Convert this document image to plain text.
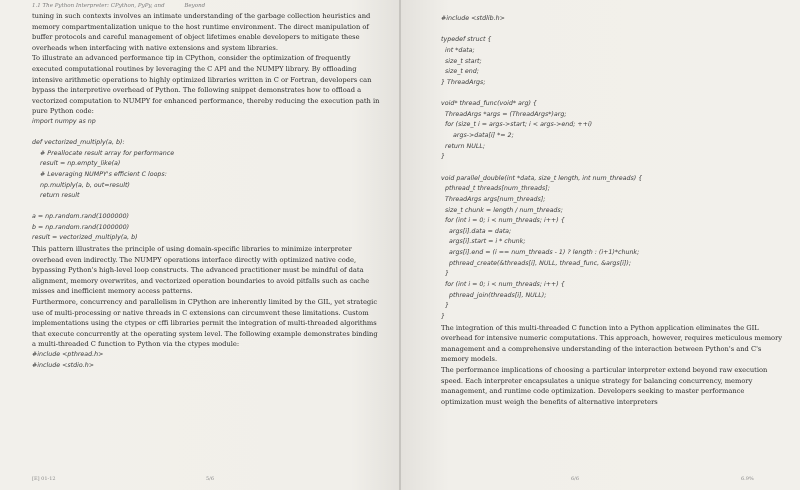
1.1 The Python Interpreter: CPython, PyPy, and	Beyond

tuning in such contexts involves an intimate understanding of the garbage collection heuristics and memory compartmentalization unique to the host runtime environment. The direct manipulation of buffer protocols and careful management of object lifetimes enable developers to mitigate these overheads when interfacing with native extensions and system libraries.

To illustrate an advanced performance tip in CPython, consider the optimization of frequently executed computational routines by leveraging the C API and the NUMPY library. By offloading intensive arithmetic operations to highly optimized libraries written in C or Fortran, developers can bypass the interpretive overhead of Python. The following snippet demonstrates how to offload a vectorized computation to NUMPY for enhanced performance, thereby reducing the execution path in pure Python code:

import numpy as np
def vectorized_multiply(a, b):
# Preallocate result array for performance
result = np.empty_like(a)
# Leveraging NUMPY's efficient C loops:
np.multiply(a, b, out=result)
return result
a = np.random.rand(1000000)
b = np.random.rand(1000000)
result = vectorized_multiply(a, b)

This pattern illustrates the principle of using domain-specific libraries to minimize interpreter overhead even indirectly. The NUMPY operations interface directly with optimized native code, bypassing Python's high-level loop constructs. The advanced practitioner must be mindful of data alignment, memory overwrites, and vectorized operation boundaries to avoid pitfalls such as cache misses and inefficient memory access patterns.

Furthermore, concurrency and parallelism in CPython are inherently limited by the GIL, yet strategic use of multi-processing or native threads in C extensions can circumvent these limitations. Custom implementations using the ctypes or cffi libraries permit the integration of multi-threaded algorithms that execute concurrently at the operating system level. The following example demonstrates binding a multi-threaded C function to Python via the ctypes module:

#include <pthread.h>
#include <stdio.h>
[E] 01-12	5/6
#include <stdlib.h>
typedef struct {
int *data;
size_t start;
size_t end;
} ThreadArgs;
void* thread_func(void* arg) {
ThreadArgs *args = (ThreadArgs*)arg;
for (size_t i = args->start; i < args->end; ++i)
args->data[i] *= 2;
return NULL;
}
void parallel_double(int *data, size_t length, int num_threads) {
pthread_t threads[num_threads];
ThreadArgs args[num_threads];
size_t chunk = length / num_threads;
for (int i = 0; i < num_threads; i++) {
args[i].data = data;
args[i].start = i * chunk;
args[i].end = (i == num_threads - 1) ? length : (i+1)*chunk;
pthread_create(&threads[i], NULL, thread_func, &args[i]);
}
for (int i = 0; i < num_threads; i++) {
pthread_join(threads[i], NULL);
}
}

The integration of this multi-threaded C function into a Python application eliminates the GIL overhead for intensive numeric computations. This approach, however, requires meticulous memory management and a comprehensive understanding of the interaction between Python's and C's memory models.

The performance implications of choosing a particular interpreter extend beyond raw execution speed. Each interpreter encapsulates a unique strategy for balancing concurrency, memory management, and runtime code optimization. Developers seeking to master performance optimization must weigh the benefits of alternative interpreters

6/6	6.9%
